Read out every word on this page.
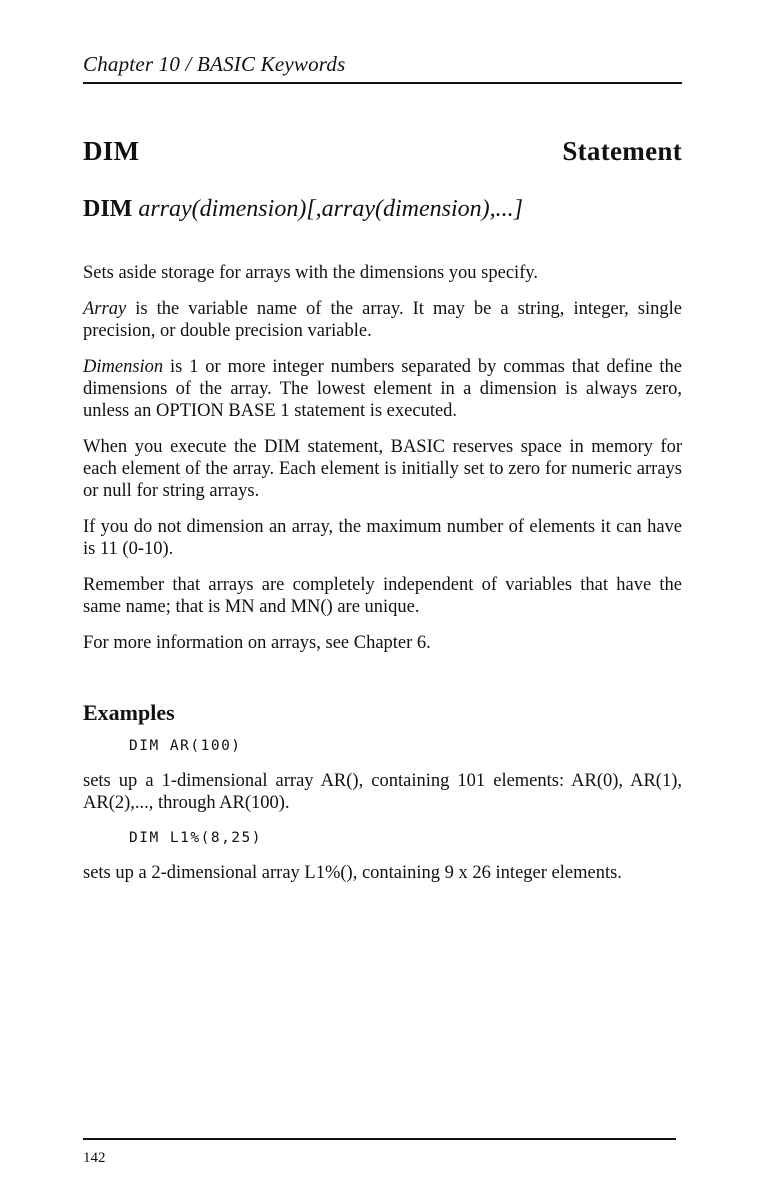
Chapter 10 / BASIC Keywords
DIM	Statement
DIM array(dimension)[,array(dimension),...]

Sets aside storage for arrays with the dimensions you specify.

Array is the variable name of the array. It may be a string, integer, single precision, or double precision variable.

Dimension is 1 or more integer numbers separated by commas that define the dimensions of the array. The lowest element in a dimension is always zero, unless an OPTION BASE 1 statement is executed.

When you execute the DIM statement, BASIC reserves space in memory for each element of the array. Each element is initially set to zero for numeric arrays or null for string arrays.

If you do not dimension an array, the maximum number of elements it can have is 11 (0-10).

Remember that arrays are completely independent of variables that have the same name; that is MN and MN() are unique.

For more information on arrays, see Chapter 6.

Examples
DIM AR(100)

sets up a 1-dimensional array AR(), containing 101 elements: AR(0), AR(1), AR(2),..., through AR(100).

DIM L1%(8,25)

sets up a 2-dimensional array L1%(), containing 9 x 26 integer elements.

142
